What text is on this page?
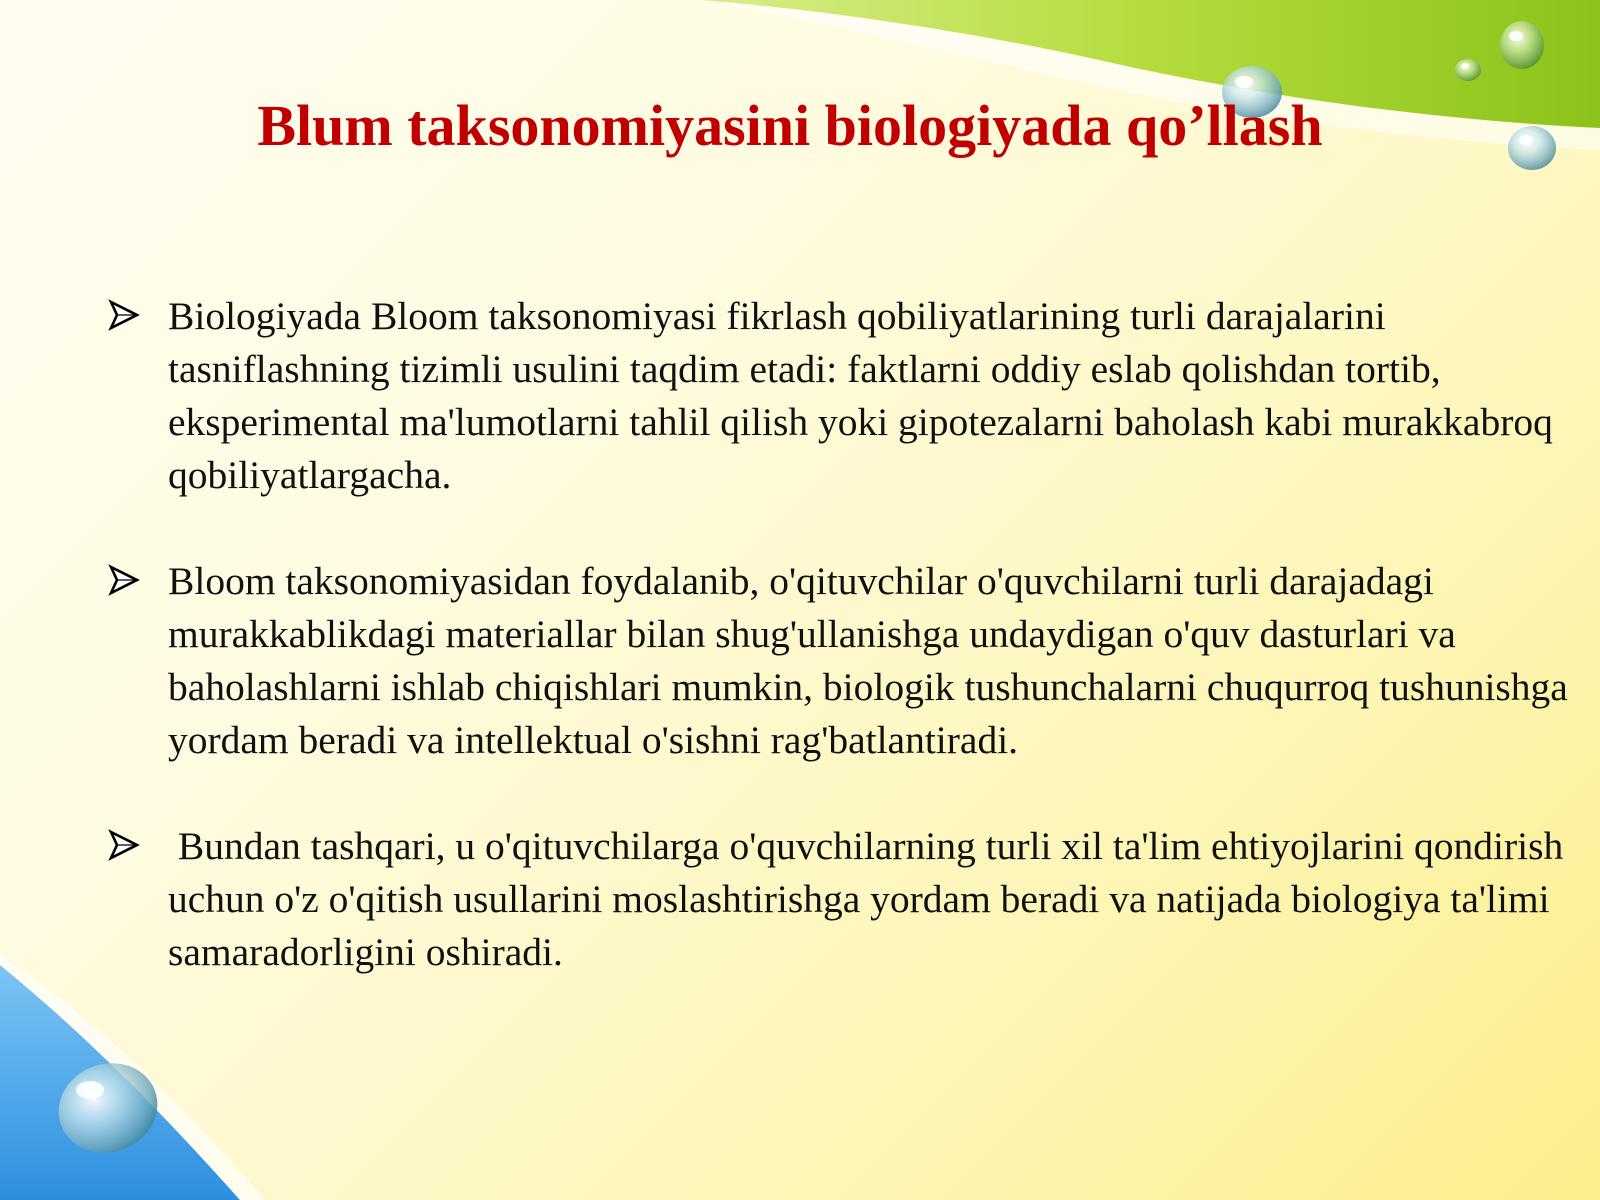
Blum taksonomiyasini biologiyada qo’llash
Biologiyada Bloom taksonomiyasi fikrlash qobiliyatlarining turli darajalarini tasniflashning tizimli usulini taqdim etadi: faktlarni oddiy eslab qolishdan tortib, eksperimental ma'lumotlarni tahlil qilish yoki gipotezalarni baholash kabi murakkabroq qobiliyatlargacha.
Bloom taksonomiyasidan foydalanib, o'qituvchilar o'quvchilarni turli darajadagi murakkablikdagi materiallar bilan shug'ullanishga undaydigan o'quv dasturlari va baholashlarni ishlab chiqishlari mumkin, biologik tushunchalarni chuqurroq tushunishga yordam beradi va intellektual o'sishni rag'batlantiradi.
Bundan tashqari, u o'qituvchilarga o'quvchilarning turli xil ta'lim ehtiyojlarini qondirish uchun o'z o'qitish usullarini moslashtirishga yordam beradi va natijada biologiya ta'limi samaradorligini oshiradi.
